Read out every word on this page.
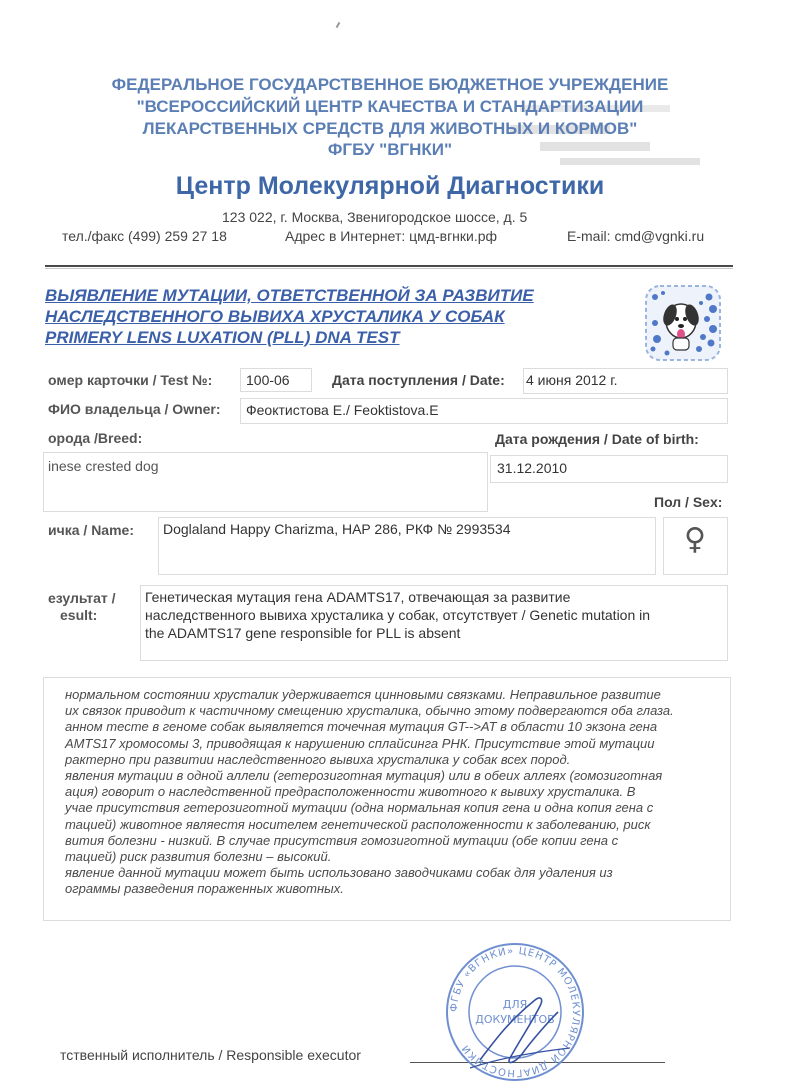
ФЕДЕРАЛЬНОЕ ГОСУДАРСТВЕННОЕ БЮДЖЕТНОЕ УЧРЕЖДЕНИЕ
"ВСЕРОССИЙСКИЙ ЦЕНТР КАЧЕСТВА И СТАНДАРТИЗАЦИИ
ЛЕКАРСТВЕННЫХ СРЕДСТВ ДЛЯ ЖИВОТНЫХ И КОРМОВ"
ФГБУ "ВГНКИ"
Центр Молекулярной Диагностики
123 022, г. Москва, Звенигородское шоссе, д. 5
тел./факс (499) 259 27 18	Адрес в Интернет: цмд-вгнки.рф	E-mail: cmd@vgnki.ru
ВЫЯВЛЕНИЕ МУТАЦИИ, ОТВЕТСТВЕННОЙ ЗА РАЗВИТИЕ
НАСЛЕДСТВЕННОГО ВЫВИХА ХРУСТАЛИКА У СОБАК
PRIMERY LENS LUXATION (PLL) DNA TEST
омер карточки / Test №: 100-06	Дата поступления / Date: 4 июня 2012 г.
ФИО владельца / Owner: Феоктистова Е./ Feoktistova.E
орода /Breed:	Дата рождения / Date of birth:
inese crested dog	31.12.2010
Пол / Sex:
ичка / Name: Doglaland Happy Charizma, HAP 286, РКФ № 2993534	♀
езультат /
esult:
Генетическая мутация гена ADAMTS17, отвечающая за развитие
наследственного вывиха хрусталика у собак, отсутствует / Genetic mutation in
the ADAMTS17 gene responsible for PLL is absent
нормальном состоянии хрусталик удерживается цинновыми связками. Неправильное развитие
их связок приводит к частичному смещению хрусталика, обычно этому подвергаются оба глаза.
анном тесте в геноме собак выявляется точечная мутация GT-->AT в области 10 экзона гена
AMTS17 хромосомы 3, приводящая к нарушению сплайсинга РНК. Присутствие этой мутации
рактерно при развитии наследственного вывиха хрусталика у собак всех пород.
явления мутации в одной аллели (гетерозиготная мутация) или в обеих аллеях (гомозиготная
ация) говорит о наследственной предрасположенности животного к вывиху хрусталика. В
учае присутствия гетерозиготной мутации (одна нормальная копия гена и одна копия гена с
тацией) животное являестя носителем генетической расположенности к заболеванию, риск
вития болезни - низкий. В случае присутствия гомозиготной мутации (обе копии гена с
тацией) риск развития болезни – высокий.
явление данной мутации может быть использовано заводчиками собак для удаления из
ограммы разведения пораженных животных.
тственный исполнитель / Responsible executor
ФГБУ «ВГНКИ» ЦЕНТР МОЛЕКУЛЯРНОЙ ДИАГНОСТИКИ
ДЛЯ
ДОКУМЕНТОВ
